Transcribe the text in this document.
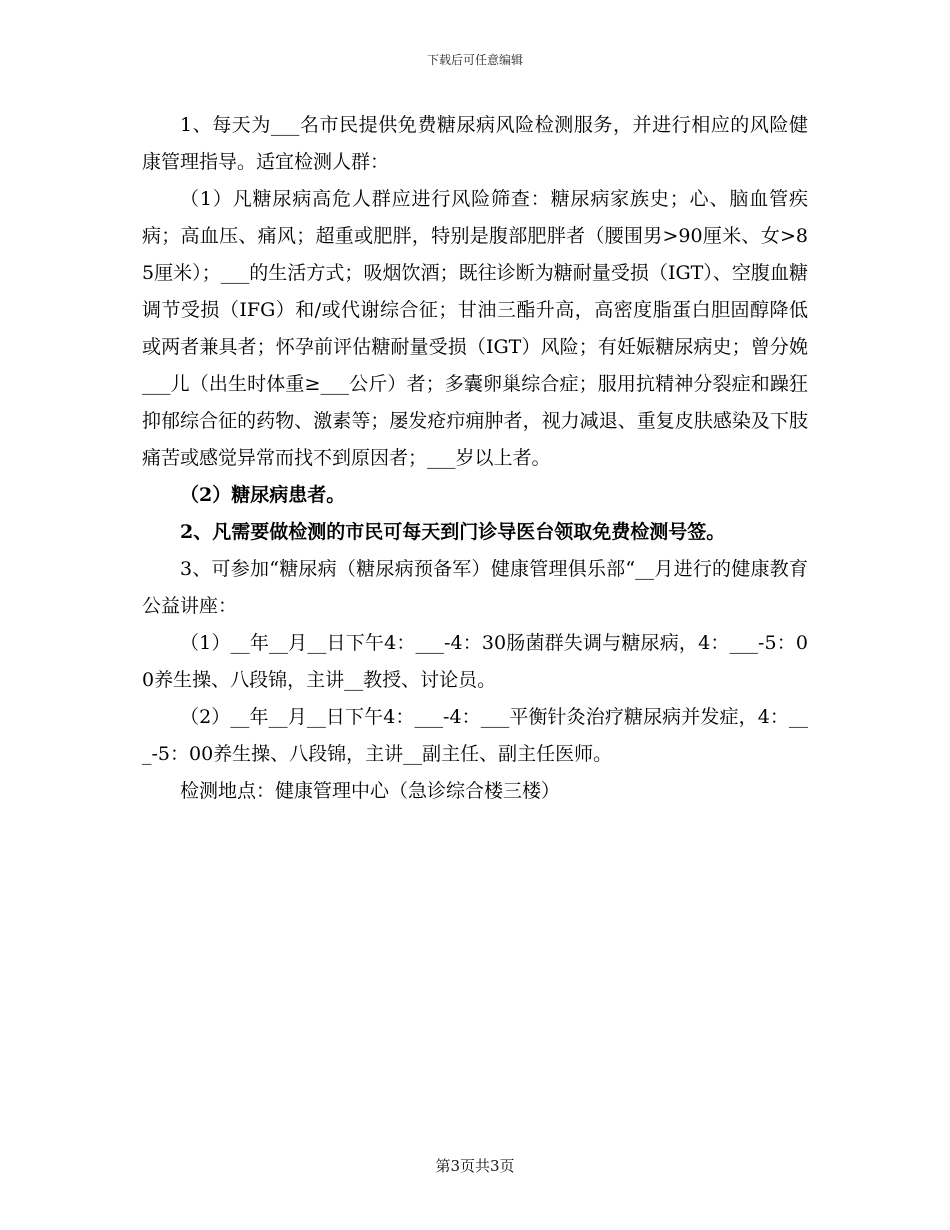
下载后可任意编辑

1、每天为___名市民提供免费糖尿病风险检测服务，并进行相应的风险健康管理指导。适宜检测人群：

（1）凡糖尿病高危人群应进行风险筛查：糖尿病家族史；心、脑血管疾病；高血压、痛风；超重或肥胖，特别是腹部肥胖者（腰围男>90厘米、女>85厘米）；___的生活方式；吸烟饮酒；既往诊断为糖耐量受损（IGT）、空腹血糖调节受损（IFG）和/或代谢综合征；甘油三酯升高，高密度脂蛋白胆固醇降低或两者兼具者；怀孕前评估糖耐量受损（IGT）风险；有妊娠糖尿病史；曾分娩___儿（出生时体重≥___公斤）者；多囊卵巢综合症；服用抗精神分裂症和躁狂抑郁综合征的药物、激素等；屡发疮疖痈肿者，视力减退、重复皮肤感染及下肢痛苦或感觉异常而找不到原因者；___岁以上者。

（2）糖尿病患者。

2、凡需要做检测的市民可每天到门诊导医台领取免费检测号签。

3、可参加“糖尿病（糖尿病预备军）健康管理俱乐部“__月进行的健康教育公益讲座：

（1）__年__月__日下午4：___-4：30肠菌群失调与糖尿病，4：___-5：00养生操、八段锦，主讲__教授、讨论员。

（2）__年__月__日下午4：___-4：___平衡针灸治疗糖尿病并发症，4：___-5：00养生操、八段锦，主讲__副主任、副主任医师。

检测地点：健康管理中心（急诊综合楼三楼）

第3页共3页
